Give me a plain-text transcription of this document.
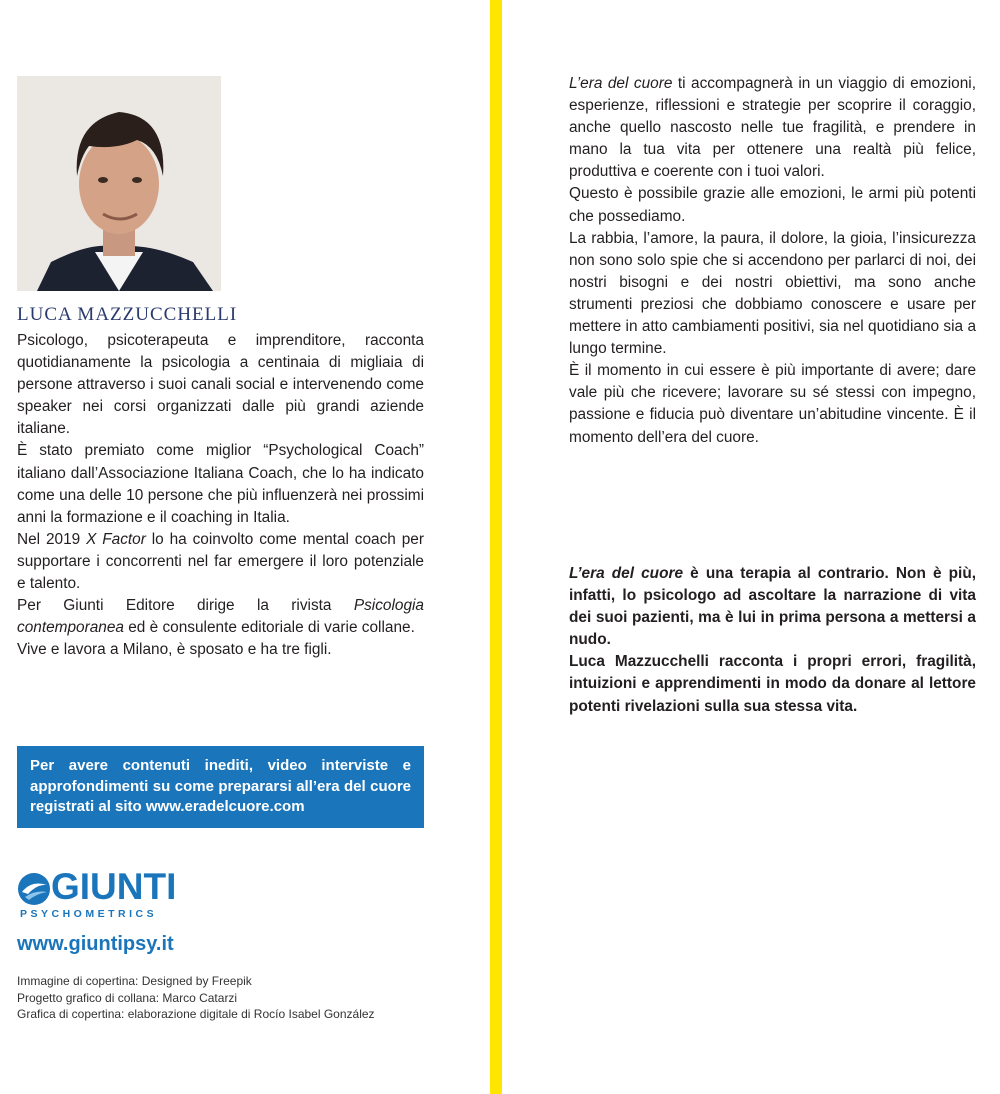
LUCA MAZZUCCHELLI

Psicologo, psicoterapeuta e imprenditore, racconta quotidianamente la psicologia a centinaia di migliaia di persone attraverso i suoi canali social e intervenendo come speaker nei corsi organizzati dalle più grandi aziende italiane.

È stato premiato come miglior “Psychological Coach” italiano dall’Associazione Italiana Coach, che lo ha indicato come una delle 10 persone che più influenzerà nei prossimi anni la formazione e il coaching in Italia.

Nel 2019 X Factor lo ha coinvolto come mental coach per supportare i concorrenti nel far emergere il loro potenziale e talento.

Per Giunti Editore dirige la rivista Psicologia contemporanea ed è consulente editoriale di varie collane.

Vive e lavora a Milano, è sposato e ha tre figli.

Per avere contenuti inediti, video interviste e approfondimenti su come prepararsi all’era del cuore registrati al sito www.eradelcuore.com
GIUNTI
PSYCHOMETRICS
www.giuntipsy.it
Immagine di copertina: Designed by Freepik
Progetto grafico di collana: Marco Catarzi
Grafica di copertina: elaborazione digitale di Rocío Isabel González

L’era del cuore ti accompagnerà in un viaggio di emozioni, esperienze, riflessioni e strategie per scoprire il coraggio, anche quello nascosto nelle tue fragilità, e prendere in mano la tua vita per ottenere una realtà più felice, produttiva e coerente con i tuoi valori.

Questo è possibile grazie alle emozioni, le armi più potenti che possediamo.

La rabbia, l’amore, la paura, il dolore, la gioia, l’insicurezza non sono solo spie che si accendono per parlarci di noi, dei nostri bisogni e dei nostri obiettivi, ma sono anche strumenti preziosi che dobbiamo conoscere e usare per mettere in atto cambiamenti positivi, sia nel quotidiano sia a lungo termine.

È il momento in cui essere è più importante di avere; dare vale più che ricevere; lavorare su sé stessi con impegno, passione e fiducia può diventare un’abitudine vincente. È il momento dell’era del cuore.

L’era del cuore è una terapia al contrario. Non è più, infatti, lo psicologo ad ascoltare la narrazione di vita dei suoi pazienti, ma è lui in prima persona a mettersi a nudo.

Luca Mazzucchelli racconta i propri errori, fragilità, intuizioni e apprendimenti in modo da donare al lettore potenti rivelazioni sulla sua stessa vita.
